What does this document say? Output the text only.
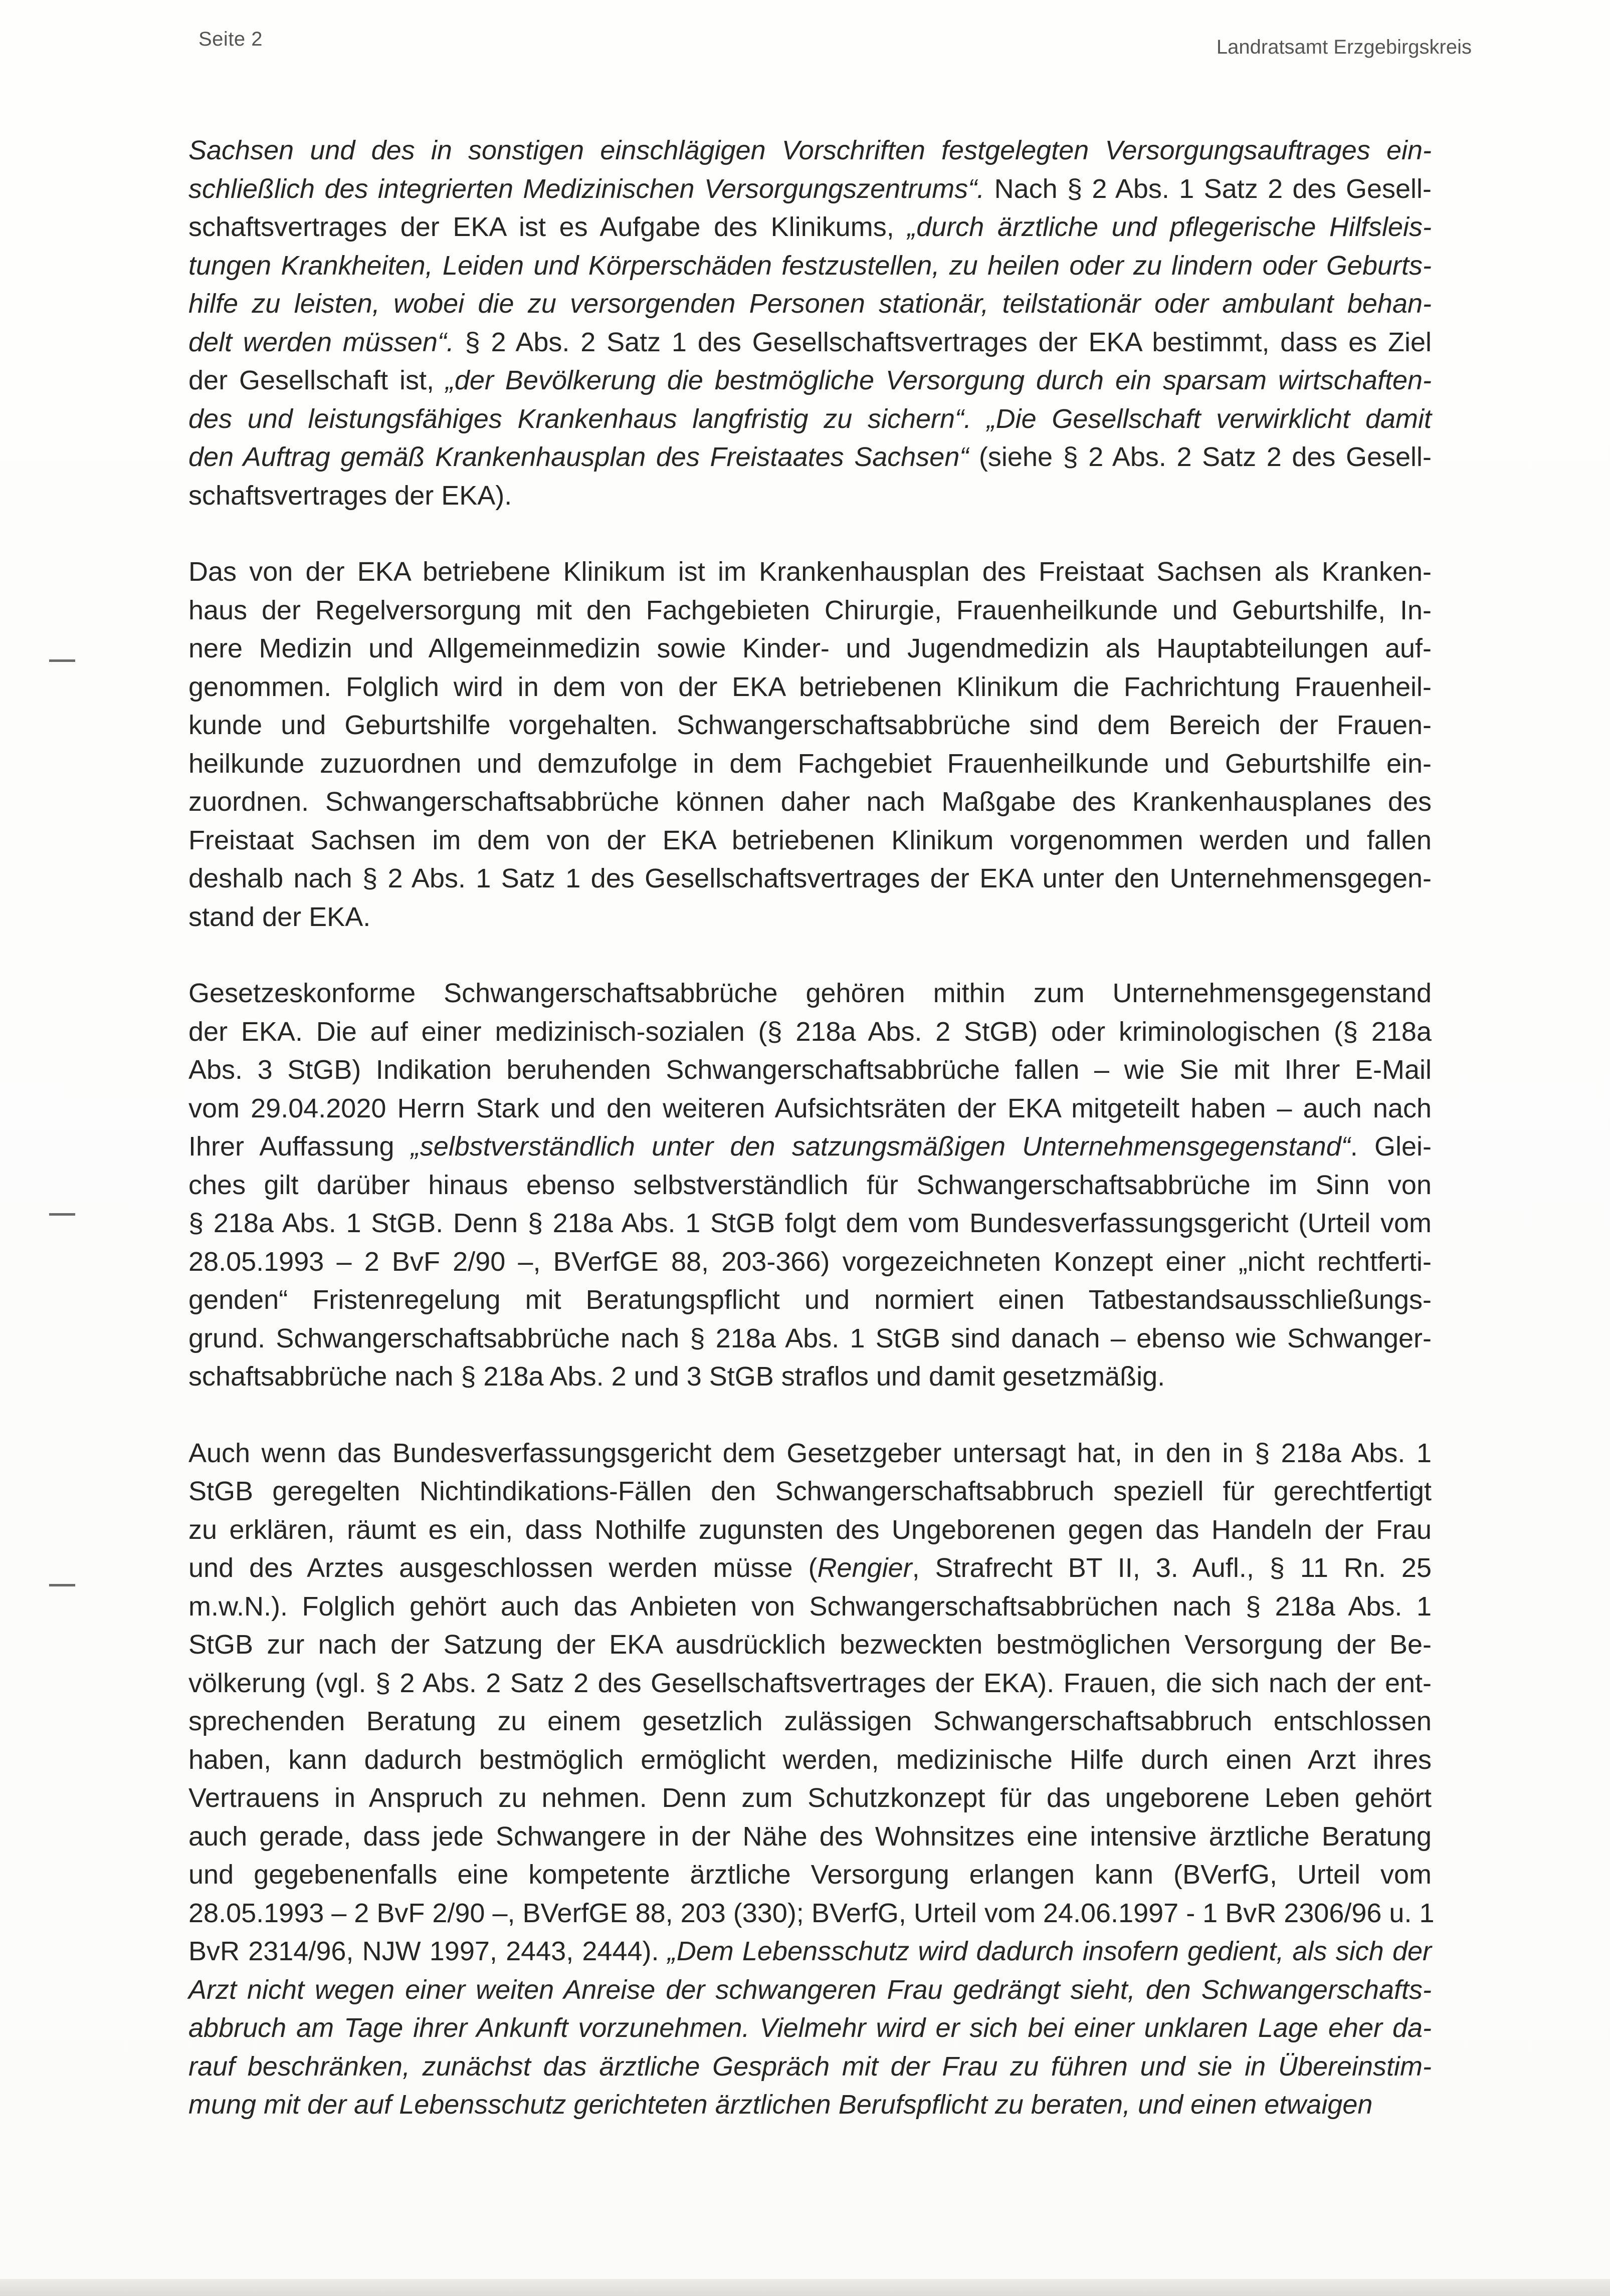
Seite 2	Landratsamt Erzgebirgskreis
Sachsen und des in sonstigen einschlägigen Vorschriften festgelegten Versorgungsauftrages ein-
schließlich des integrierten Medizinischen Versorgungszentrums“. Nach § 2 Abs. 1 Satz 2 des Gesell-
schaftsvertrages der EKA ist es Aufgabe des Klinikums, „durch ärztliche und pflegerische Hilfsleis-
tungen Krankheiten, Leiden und Körperschäden festzustellen, zu heilen oder zu lindern oder Geburts-
hilfe zu leisten, wobei die zu versorgenden Personen stationär, teilstationär oder ambulant behan-
delt werden müssen“. § 2 Abs. 2 Satz 1 des Gesellschaftsvertrages der EKA bestimmt, dass es Ziel
der Gesellschaft ist, „der Bevölkerung die bestmögliche Versorgung durch ein sparsam wirtschaften-
des und leistungsfähiges Krankenhaus langfristig zu sichern“. „Die Gesellschaft verwirklicht damit
den Auftrag gemäß Krankenhausplan des Freistaates Sachsen“ (siehe § 2 Abs. 2 Satz 2 des Gesell-
schaftsvertrages der EKA).
Das von der EKA betriebene Klinikum ist im Krankenhausplan des Freistaat Sachsen als Kranken-
haus der Regelversorgung mit den Fachgebieten Chirurgie, Frauenheilkunde und Geburtshilfe, In-
nere Medizin und Allgemeinmedizin sowie Kinder- und Jugendmedizin als Hauptabteilungen auf-
genommen. Folglich wird in dem von der EKA betriebenen Klinikum die Fachrichtung Frauenheil-
kunde und Geburtshilfe vorgehalten. Schwangerschaftsabbrüche sind dem Bereich der Frauen-
heilkunde zuzuordnen und demzufolge in dem Fachgebiet Frauenheilkunde und Geburtshilfe ein-
zuordnen. Schwangerschaftsabbrüche können daher nach Maßgabe des Krankenhausplanes des
Freistaat Sachsen im dem von der EKA betriebenen Klinikum vorgenommen werden und fallen
deshalb nach § 2 Abs. 1 Satz 1 des Gesellschaftsvertrages der EKA unter den Unternehmensgegen-
stand der EKA.
Gesetzeskonforme Schwangerschaftsabbrüche gehören mithin zum Unternehmensgegenstand
der EKA. Die auf einer medizinisch-sozialen (§ 218a Abs. 2 StGB) oder kriminologischen (§ 218a
Abs. 3 StGB) Indikation beruhenden Schwangerschaftsabbrüche fallen – wie Sie mit Ihrer E-Mail
vom 29.04.2020 Herrn Stark und den weiteren Aufsichtsräten der EKA mitgeteilt haben – auch nach
Ihrer Auffassung „selbstverständlich unter den satzungsmäßigen Unternehmensgegenstand“. Glei-
ches gilt darüber hinaus ebenso selbstverständlich für Schwangerschaftsabbrüche im Sinn von
§ 218a Abs. 1 StGB. Denn § 218a Abs. 1 StGB folgt dem vom Bundesverfassungsgericht (Urteil vom
28.05.1993 – 2 BvF 2/90 –, BVerfGE 88, 203-366) vorgezeichneten Konzept einer „nicht rechtferti-
genden“ Fristenregelung mit Beratungspflicht und normiert einen Tatbestandsausschließungs-
grund. Schwangerschaftsabbrüche nach § 218a Abs. 1 StGB sind danach – ebenso wie Schwanger-
schaftsabbrüche nach § 218a Abs. 2 und 3 StGB straflos und damit gesetzmäßig.
Auch wenn das Bundesverfassungsgericht dem Gesetzgeber untersagt hat, in den in § 218a Abs. 1
StGB geregelten Nichtindikations-Fällen den Schwangerschaftsabbruch speziell für gerechtfertigt
zu erklären, räumt es ein, dass Nothilfe zugunsten des Ungeborenen gegen das Handeln der Frau
und des Arztes ausgeschlossen werden müsse (Rengier, Strafrecht BT II, 3. Aufl., § 11 Rn. 25
m.w.N.). Folglich gehört auch das Anbieten von Schwangerschaftsabbrüchen nach § 218a Abs. 1
StGB zur nach der Satzung der EKA ausdrücklich bezweckten bestmöglichen Versorgung der Be-
völkerung (vgl. § 2 Abs. 2 Satz 2 des Gesellschaftsvertrages der EKA). Frauen, die sich nach der ent-
sprechenden Beratung zu einem gesetzlich zulässigen Schwangerschaftsabbruch entschlossen
haben, kann dadurch bestmöglich ermöglicht werden, medizinische Hilfe durch einen Arzt ihres
Vertrauens in Anspruch zu nehmen. Denn zum Schutzkonzept für das ungeborene Leben gehört
auch gerade, dass jede Schwangere in der Nähe des Wohnsitzes eine intensive ärztliche Beratung
und gegebenenfalls eine kompetente ärztliche Versorgung erlangen kann (BVerfG, Urteil vom
28.05.1993 – 2 BvF 2/90 –, BVerfGE 88, 203 (330); BVerfG, Urteil vom 24.06.1997 - 1 BvR 2306/96 u. 1
BvR 2314/96, NJW 1997, 2443, 2444). „Dem Lebensschutz wird dadurch insofern gedient, als sich der
Arzt nicht wegen einer weiten Anreise der schwangeren Frau gedrängt sieht, den Schwangerschafts-
abbruch am Tage ihrer Ankunft vorzunehmen. Vielmehr wird er sich bei einer unklaren Lage eher da-
rauf beschränken, zunächst das ärztliche Gespräch mit der Frau zu führen und sie in Übereinstim-
mung mit der auf Lebensschutz gerichteten ärztlichen Berufspflicht zu beraten, und einen etwaigen
